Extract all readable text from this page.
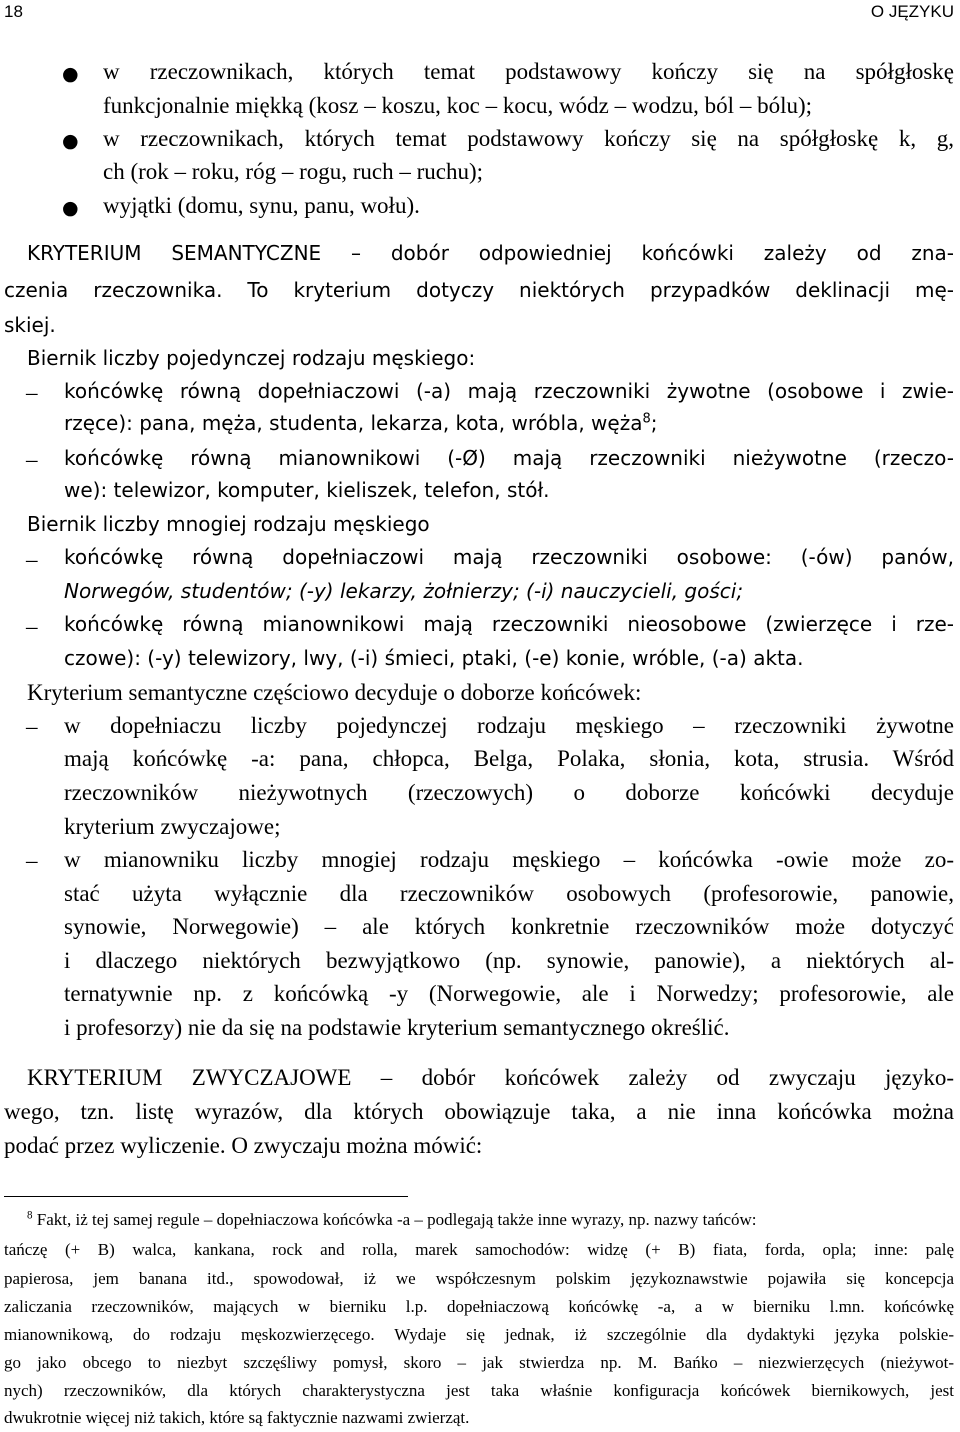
18	O JĘZYKU
●
●
●
w rzeczownikach, których temat podstawowy kończy się na spółgłoskę
funkcjonalnie miękką (kosz – koszu, koc – kocu, wódz – wodzu, ból – bólu);
w rzeczownikach, których temat podstawowy kończy się na spółgłoskę k, g,
ch (rok – roku, róg – rogu, ruch – ruchu);
wyjątki (domu, synu, panu, wołu).
KRYTERIUM SEMANTYCZNE – dobór odpowiedniej końcówki zależy od zna-
czenia rzeczownika. To kryterium dotyczy niektórych przypadków deklinacji mę-
skiej.
Biernik liczby pojedynczej rodzaju męskiego:
– końcówkę równą dopełniaczowi (-a) mają rzeczowniki żywotne (osobowe i zwie-
rzęce): pana, męża, studenta, lekarza, kota, wróbla, węża$^8$;
– końcówkę równą mianownikowi (-Ø) mają rzeczowniki nieżywotne (rzeczo-
we): telewizor, komputer, kieliszek, telefon, stół.
Biernik liczby mnogiej rodzaju męskiego
– końcówkę równą dopełniaczowi mają rzeczowniki osobowe: (-ów) panów,
Norwegów, studentów; (-y) lekarzy, żołnierzy; (-i) nauczycieli, gości;
– końcówkę równą mianownikowi mają rzeczowniki nieosobowe (zwierzęce i rze-
czowe): (-y) telewizory, lwy, (-i) śmieci, ptaki, (-e) konie, wróble, (-a) akta.
Kryterium semantyczne częściowo decyduje o doborze końcówek:
– w dopełniaczu liczby pojedynczej rodzaju męskiego – rzeczowniki żywotne
mają końcówkę -a: pana, chłopca, Belga, Polaka, słonia, kota, strusia. Wśród
rzeczowników nieżywotnych (rzeczowych) o doborze końcówki decyduje
kryterium zwyczajowe;
– w mianowniku liczby mnogiej rodzaju męskiego – końcówka -owie może zo-
stać użyta wyłącznie dla rzeczowników osobowych (profesorowie, panowie,
synowie, Norwegowie) – ale których konkretnie rzeczowników może dotyczyć
i dlaczego niektórych bezwyjątkowo (np. synowie, panowie), a niektórych al-
ternatywnie np. z końcówką -y (Norwegowie, ale i Norwedzy; profesorowie, ale
i profesorzy) nie da się na podstawie kryterium semantycznego określić.
KRYTERIUM ZWYCZAJOWE – dobór końcówek zależy od zwyczaju języko-
wego, tzn. listę wyrazów, dla których obowiązuje taka, a nie inna końcówka można
podać przez wyliczenie. O zwyczaju można mówić:
$^8$ Fakt, iż tej samej regule – dopełniaczowa końcówka -a – podlegają także inne wyrazy, np. nazwy tańców:
tańczę (+ B) walca, kankana, rock and rolla, marek samochodów: widzę (+ B) fiata, forda, opla; inne: palę
papierosa, jem banana itd., spowodował, iż we współczesnym polskim językoznawstwie pojawiła się koncepcja
zaliczania rzeczowników, mających w bierniku l.p. dopełniaczową końcówkę -a, a w bierniku l.mn. końcówkę
mianownikową, do rodzaju męskozwierzęcego. Wydaje się jednak, iż szczególnie dla dydaktyki języka polskie-
go jako obcego to niezbyt szczęśliwy pomysł, skoro – jak stwierdza np. M. Bańko – niezwierzęcych (nieżywot-
nych) rzeczowników, dla których charakterystyczna jest taka właśnie konfiguracja końcówek biernikowych, jest
dwukrotnie więcej niż takich, które są faktycznie nazwami zwierząt.
